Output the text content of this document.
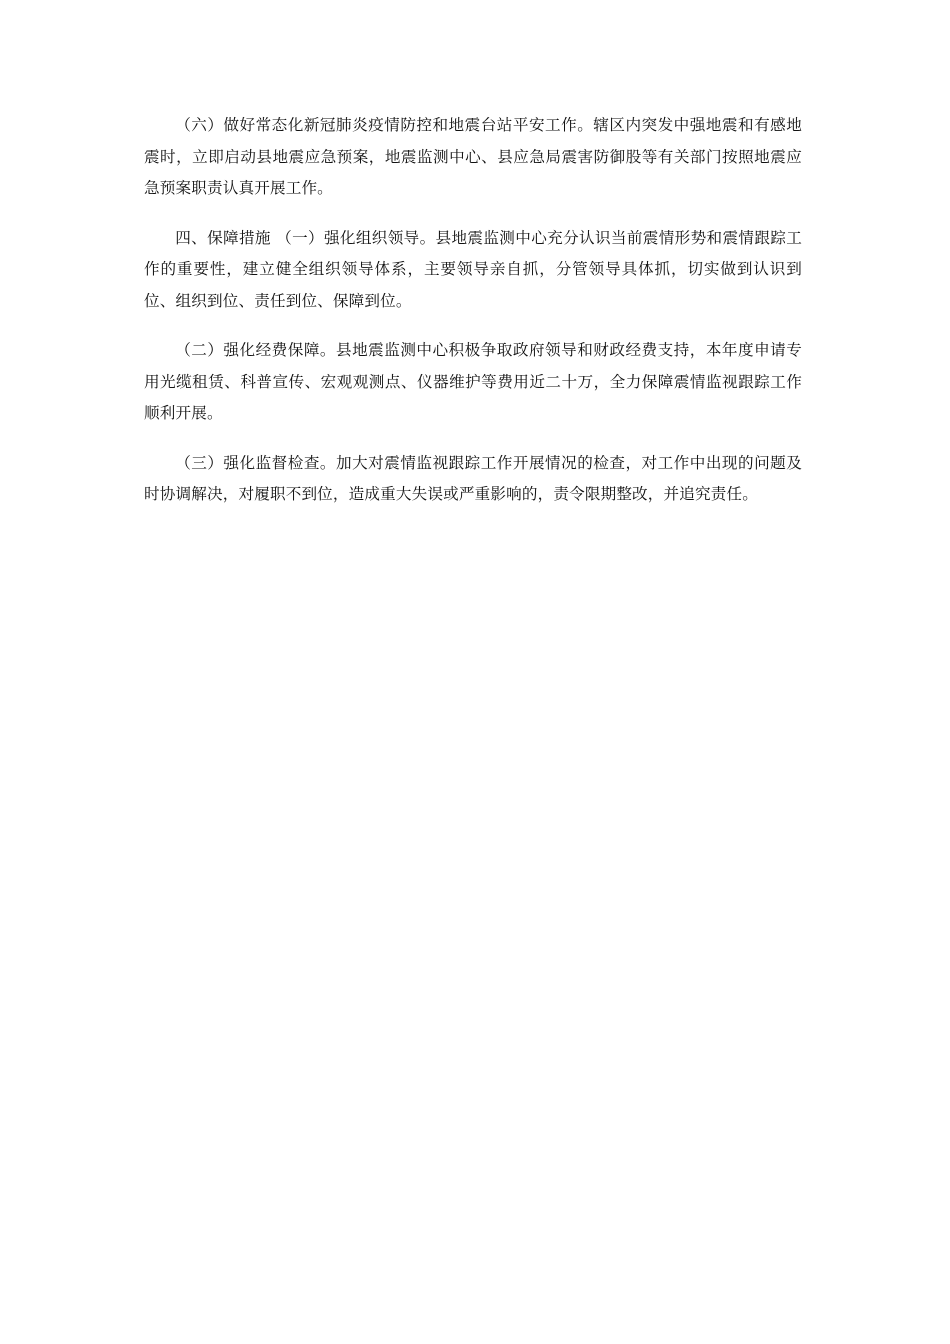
（六）做好常态化新冠肺炎疫情防控和地震台站平安工作。辖区内突发中强地震和有感地震时，立即启动县地震应急预案，地震监测中心、县应急局震害防御股等有关部门按照地震应急预案职责认真开展工作。

四、保障措施 （一）强化组织领导。县地震监测中心充分认识当前震情形势和震情跟踪工作的重要性，建立健全组织领导体系，主要领导亲自抓，分管领导具体抓，切实做到认识到位、组织到位、责任到位、保障到位。

（二）强化经费保障。县地震监测中心积极争取政府领导和财政经费支持，本年度申请专用光缆租赁、科普宣传、宏观观测点、仪器维护等费用近二十万，全力保障震情监视跟踪工作顺利开展。

（三）强化监督检查。加大对震情监视跟踪工作开展情况的检查，对工作中出现的问题及时协调解决，对履职不到位，造成重大失误或严重影响的，责令限期整改，并追究责任。
